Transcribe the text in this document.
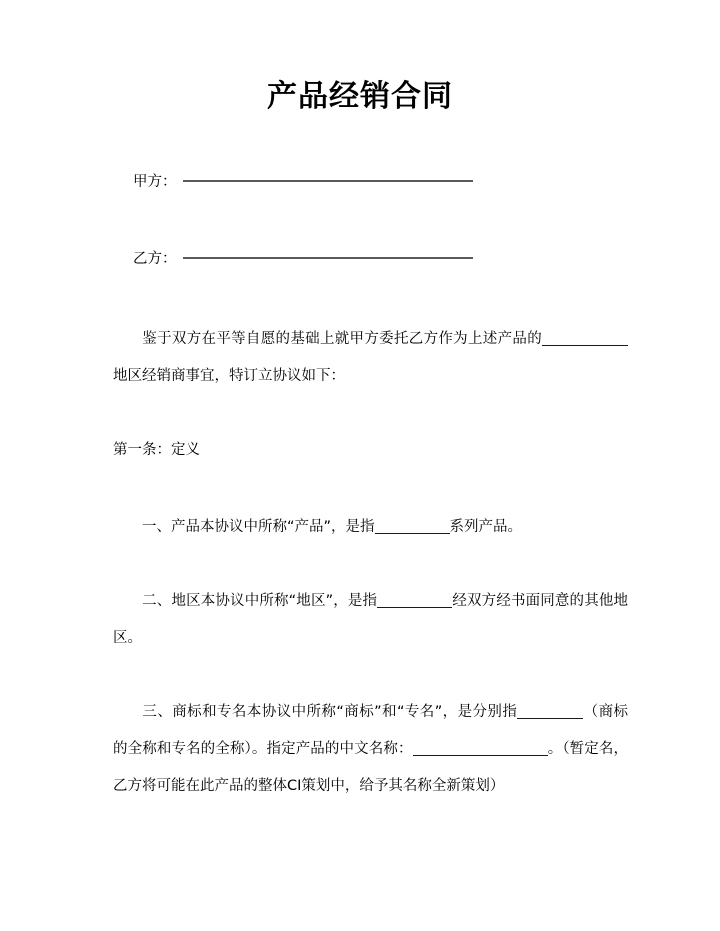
产品经销合同
甲方：
乙方：

鉴于双方在平等自愿的基础上就甲方委托乙方作为上述产品的地区经销商事宜，特订立协议如下：

第一条：定义

一、产品本协议中所称“产品”，是指	系列产品。

二、地区本协议中所称“地区”，是指	经双方经书面同意的其他地区。

三、商标和专名本协议中所称“商标”和“专名”，是分别指	（商标的全称和专名的全称）。指定产品的中文名称：	。（暂定名，乙方将可能在此产品的整体CI策划中，给予其名称全新策划）
